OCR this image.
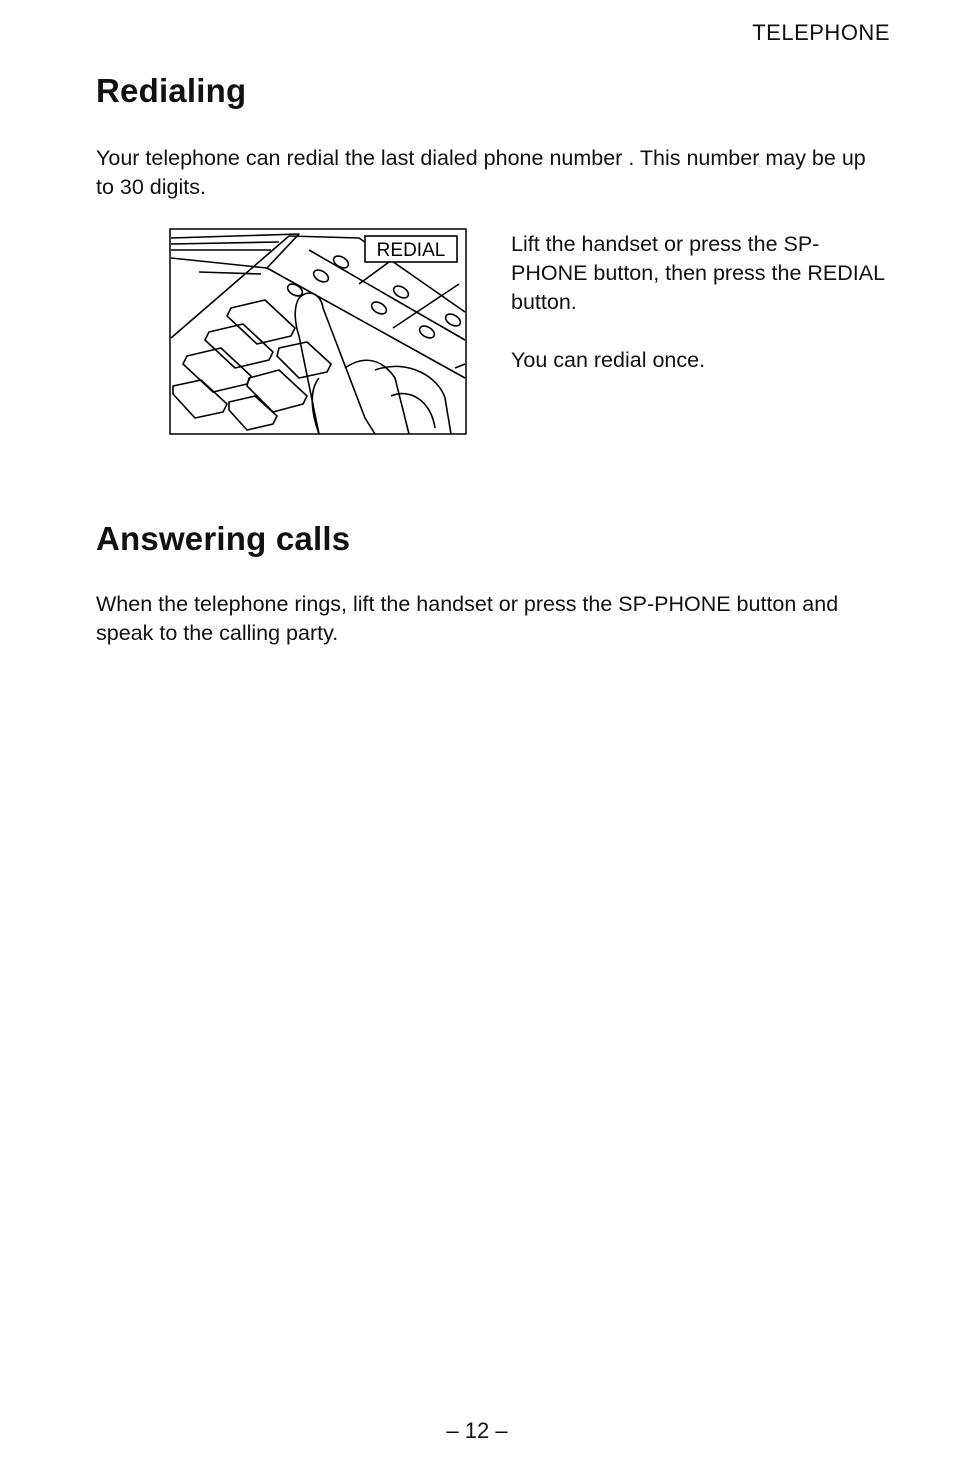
TELEPHONE
Redialing

Your telephone can redial the last dialed phone number . This number may be up to 30 digits.

REDIAL	Lift the handset or press the SP-PHONE button, then press the REDIAL button.

You can redial once.

Answering calls

When the telephone rings, lift the handset or press the SP-PHONE button and speak to the calling party.

– 12 –
